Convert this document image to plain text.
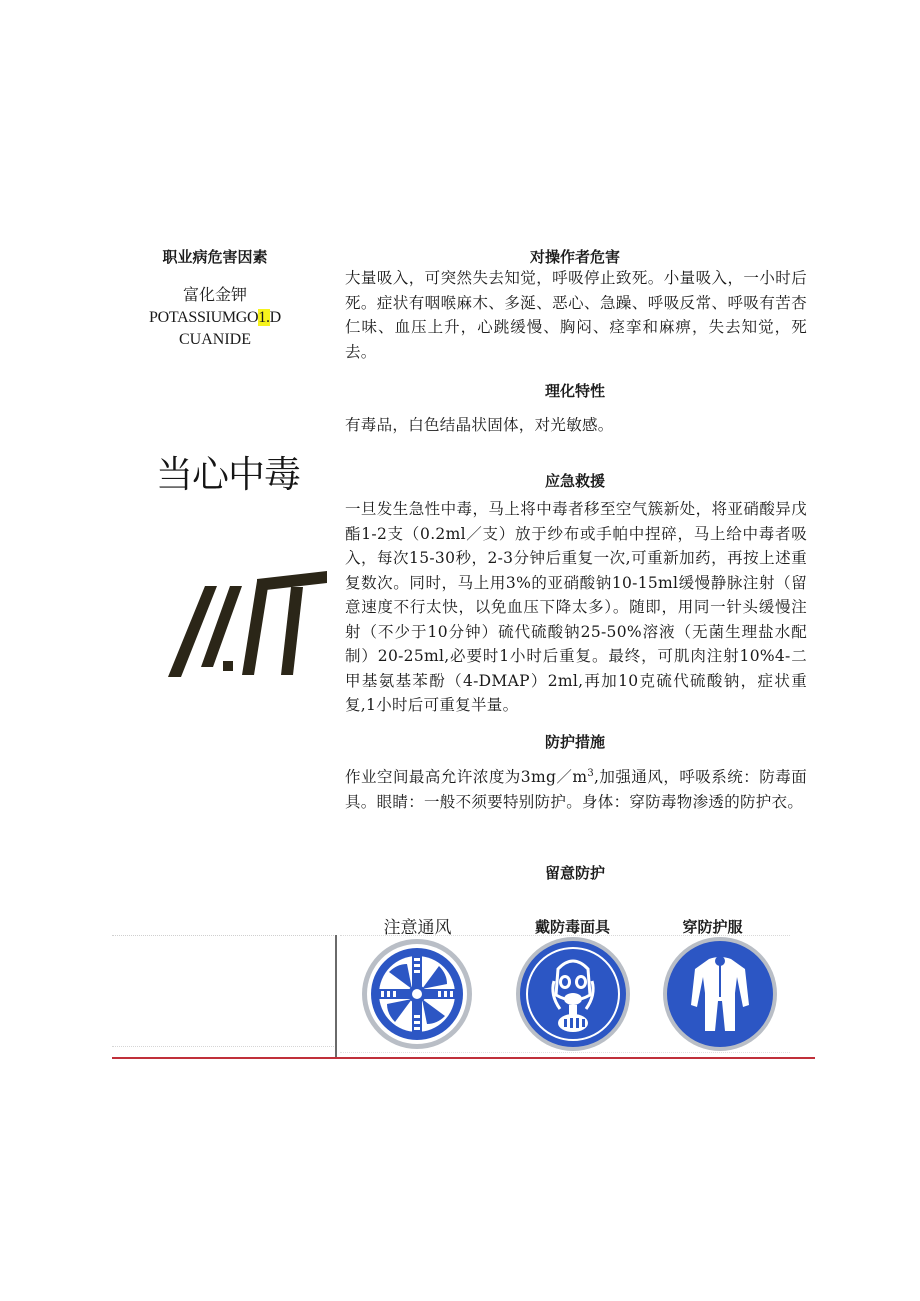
职业病危害因素
富化金钾
POTASSIUMGO1.D
CUANIDE
当心中毒
对操作者危害
大量吸入，可突然失去知觉，呼吸停止致死。小量吸入，一小时后死。症状有咽喉麻木、多涎、恶心、急躁、呼吸反常、呼吸有苦杏仁味、血压上升，心跳缓慢、胸闷、痉挛和麻痹，失去知觉，死去。
理化特性
有毒品，白色结晶状固体，对光敏感。
应急救援
一旦发生急性中毒，马上将中毒者移至空气簇新处，将亚硝酸异戊酯1-2支（0.2ml／支）放于纱布或手帕中捏碎，马上给中毒者吸入，每次15-30秒，2-3分钟后重复一次,可重新加药，再按上述重复数次。同时，马上用3%的亚硝酸钠10-15ml缓慢静脉注射（留意速度不行太快，以免血压下降太多）。随即，用同一针头缓慢注射（不少于10分钟）硫代硫酸钠25-50%溶液（无菌生理盐水配制）20-25ml,必要时1小时后重复。最终，可肌肉注射10%4-二甲基氨基苯酚（4-DMAP）2ml,再加10克硫代硫酸钠，症状重复,1小时后可重复半量。
防护措施
作业空间最高允许浓度为$3mg/m^3$,加强通风，呼吸系统：防毒面具。眼睛：一般不须要特别防护。身体：穿防毒物渗透的防护衣。
留意防护
注意通风	戴防毒面具	穿防护服
